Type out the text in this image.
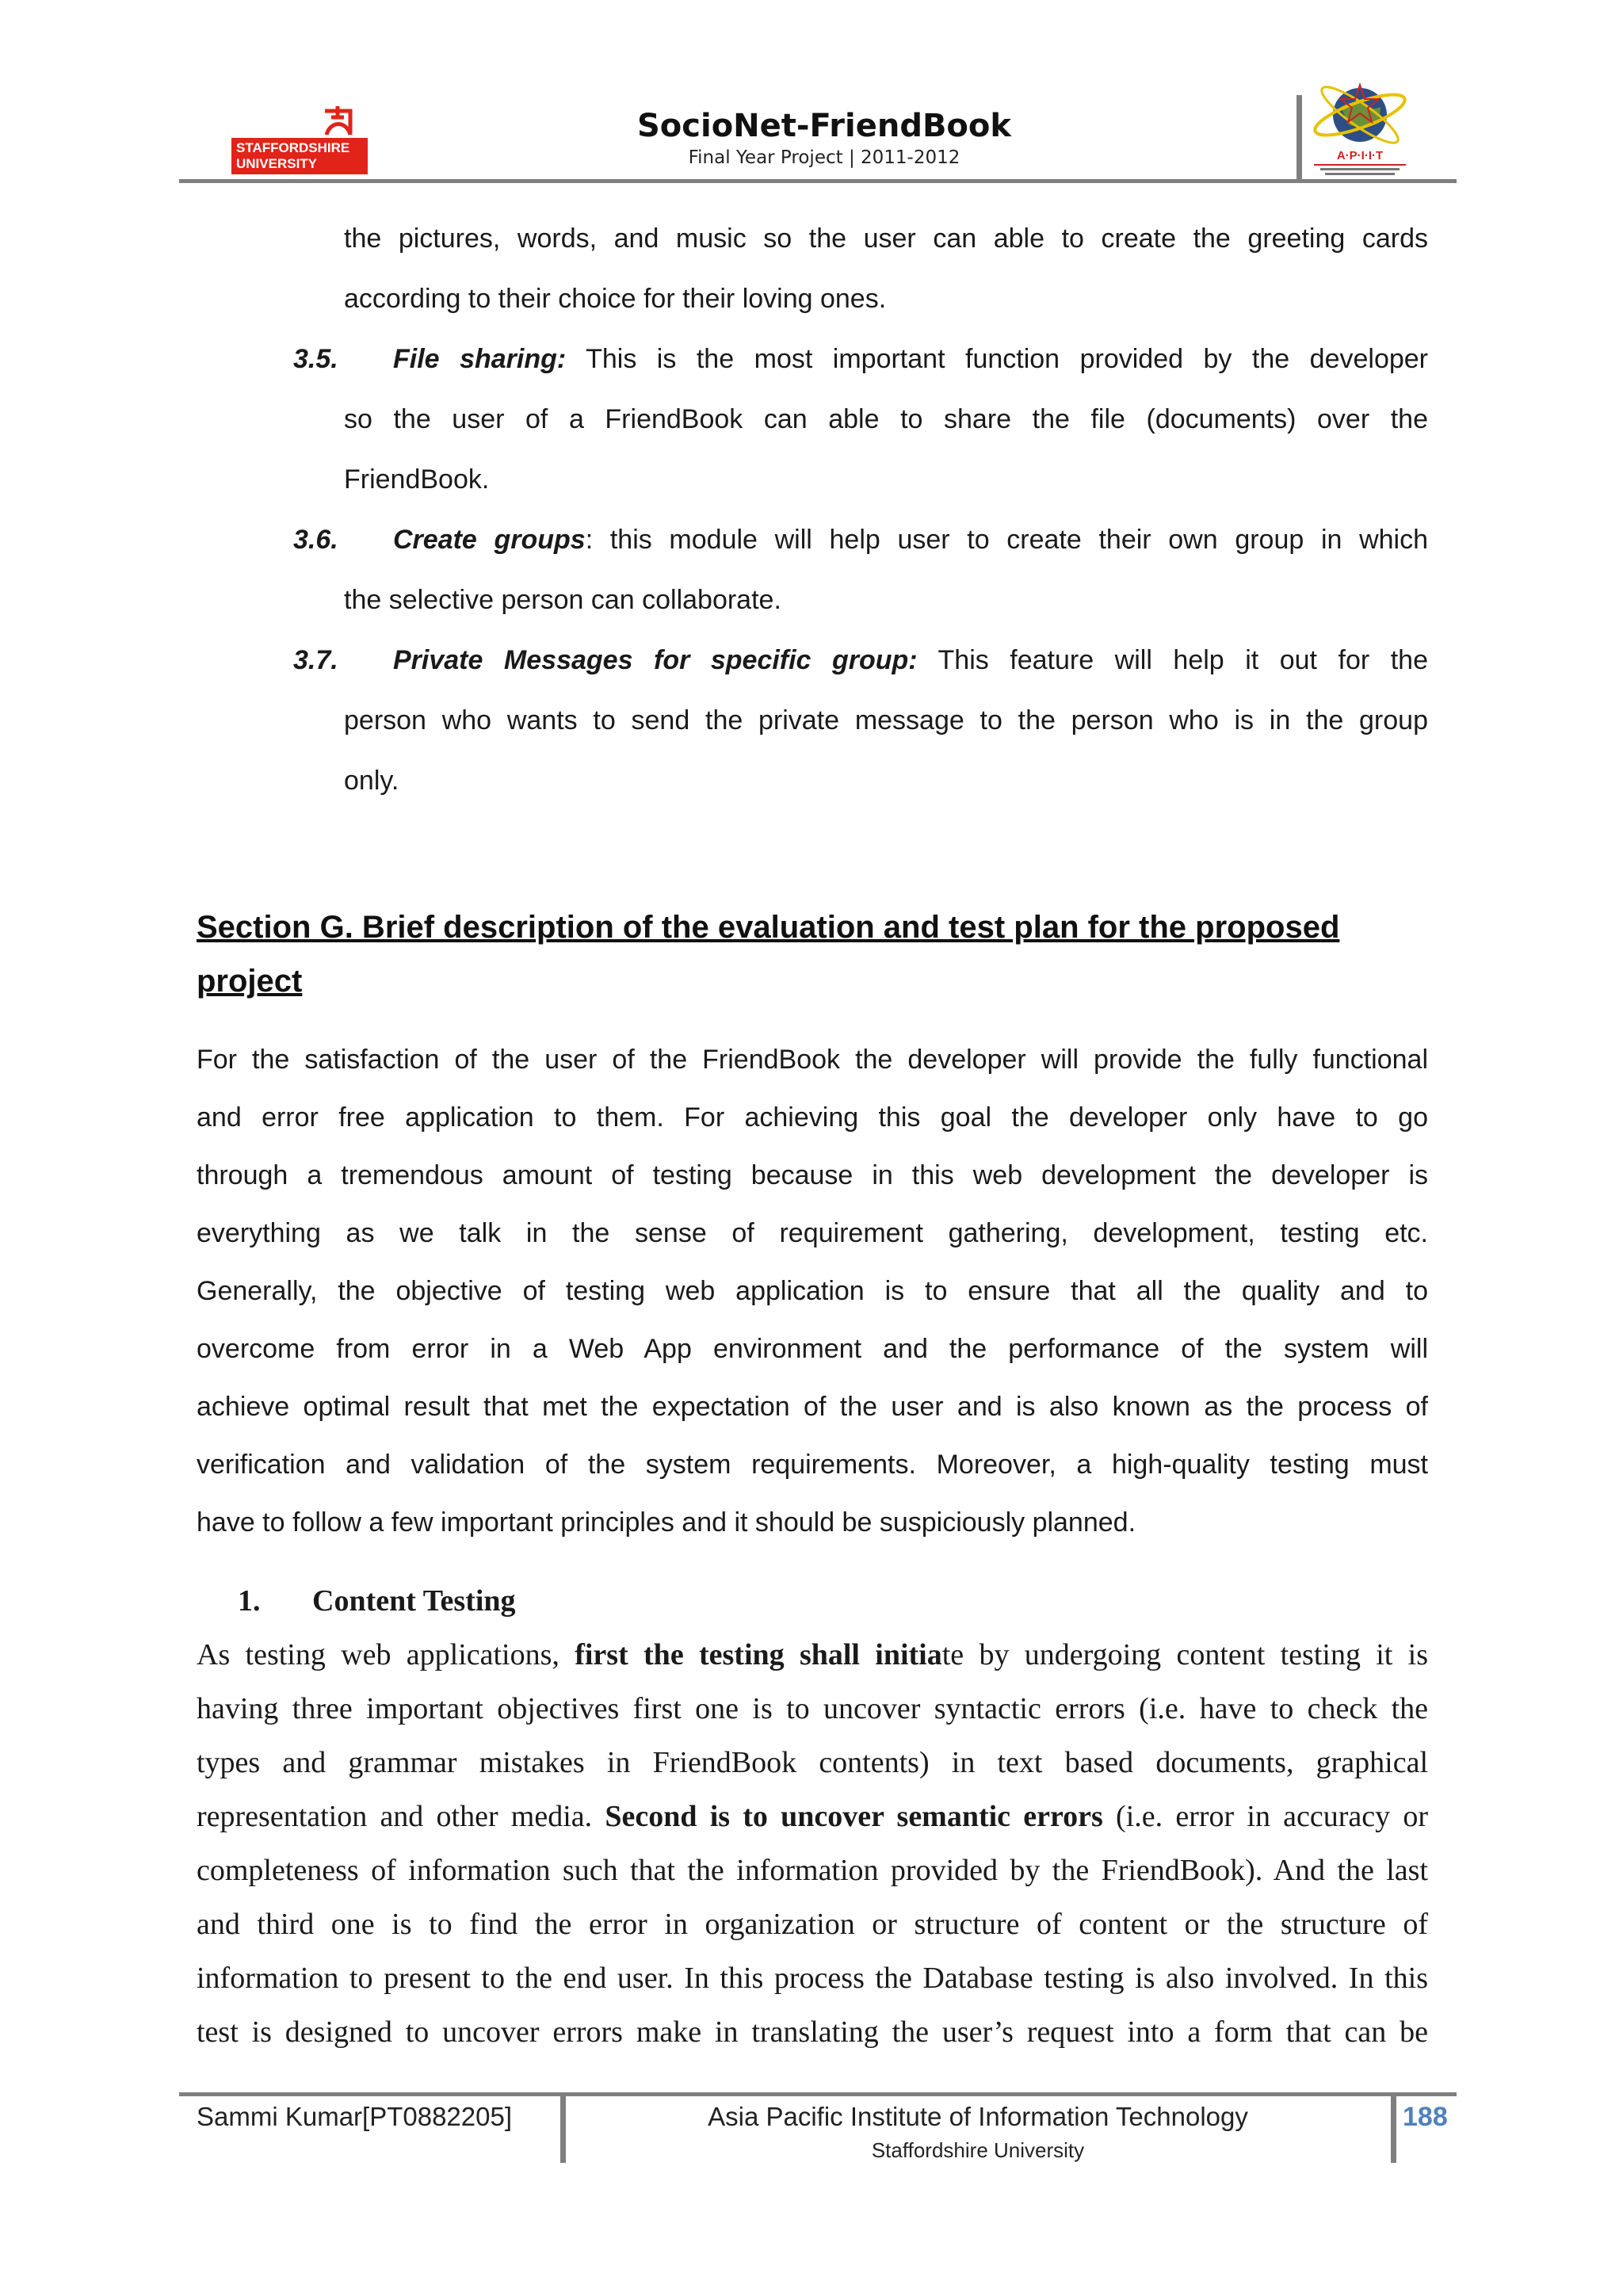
STAFFORDSHIRE
UNIVERSITY
SocioNet-FriendBook
Final Year Project | 2011-2012	A·P·I·I·T
the pictures, words, and music so the user can able to create the greeting cards
according to their choice for their loving ones.
3.5. File sharing: This is the most important function provided by the developer
so the user of a FriendBook can able to share the file (documents) over the
FriendBook.
3.6. Create groups: this module will help user to create their own group in which
the selective person can collaborate.
3.7. Private Messages for specific group: This feature will help it out for the
person who wants to send the private message to the person who is in the group
only.
Section G. Brief description of the evaluation and test plan for the proposed
project
For the satisfaction of the user of the FriendBook the developer will provide the fully functional
and error free application to them. For achieving this goal the developer only have to go
through a tremendous amount of testing because in this web development the developer is
everything as we talk in the sense of requirement gathering, development, testing etc.
Generally, the objective of testing web application is to ensure that all the quality and to
overcome from error in a Web App environment and the performance of the system will
achieve optimal result that met the expectation of the user and is also known as the process of
verification and validation of the system requirements. Moreover, a high-quality testing must
have to follow a few important principles and it should be suspiciously planned.
1. Content Testing
As testing web applications, first the testing shall initiate by undergoing content testing it is
having three important objectives first one is to uncover syntactic errors (i.e. have to check the
types and grammar mistakes in FriendBook contents) in text based documents, graphical
representation and other media. Second is to uncover semantic errors (i.e. error in accuracy or
completeness of information such that the information provided by the FriendBook). And the last
and third one is to find the error in organization or structure of content or the structure of
information to present to the end user. In this process the Database testing is also involved. In this
test is designed to uncover errors make in translating the user’s request into a form that can be
Sammi Kumar[PT0882205]	Asia Pacific Institute of Information Technology
Staffordshire University
188
